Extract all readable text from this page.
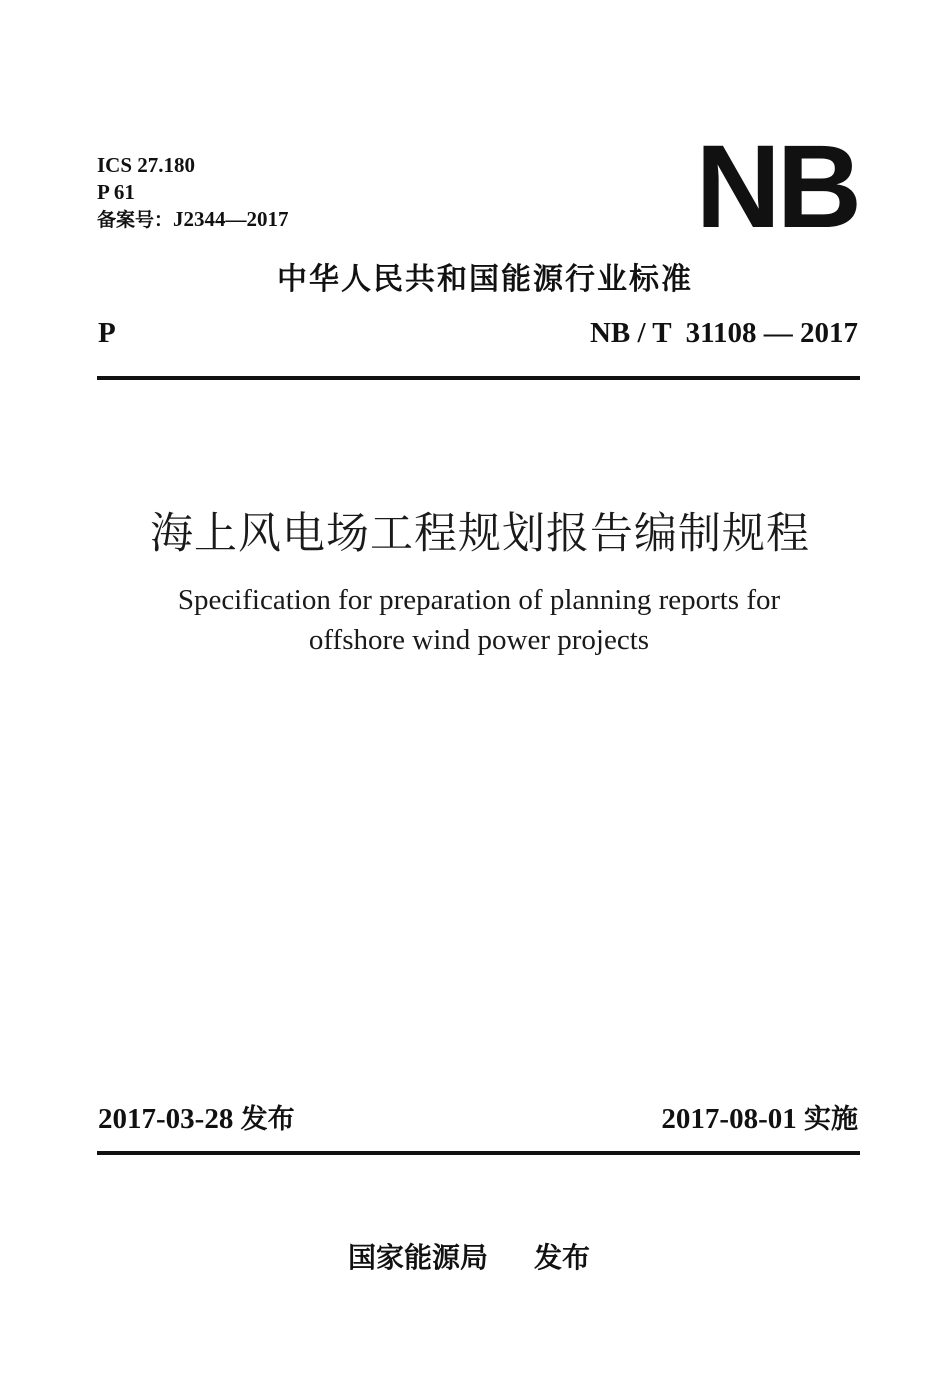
ICS 27.180
P 61
备案号：J2344—2017	NB
中华人民共和国能源行业标准
P	NB / T  31108 — 2017
海上风电场工程规划报告编制规程
Specification for preparation of planning reports for
offshore wind power projects
2017-03-28 发布	2017-08-01 实施
国家能源局 发布
